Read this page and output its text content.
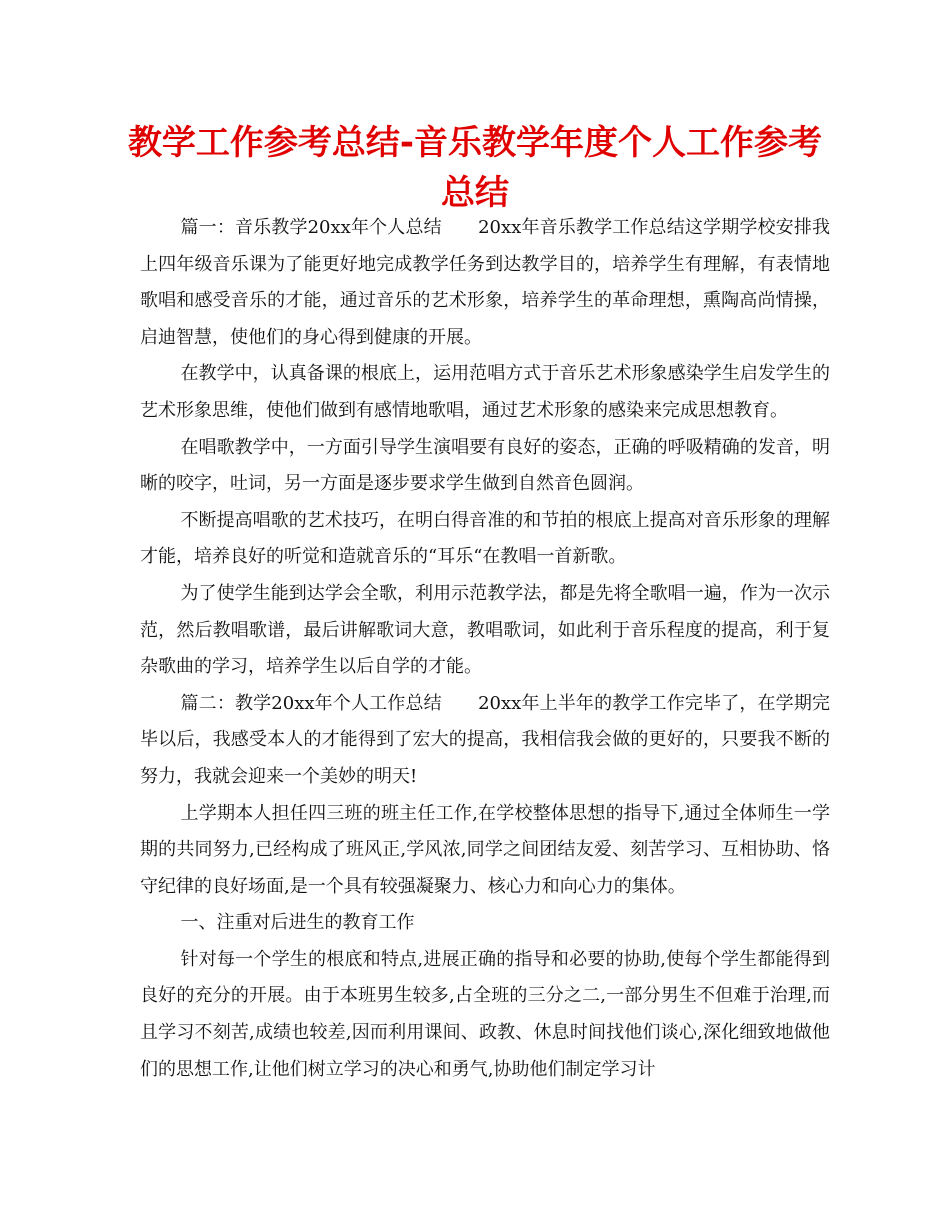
教学工作参考总结-音乐教学年度个人工作参考总结

篇一：音乐教学20xx年个人总结　　20xx年音乐教学工作总结这学期学校安排我上四年级音乐课为了能更好地完成教学任务到达教学目的，培养学生有理解，有表情地歌唱和感受音乐的才能，通过音乐的艺术形象，培养学生的革命理想，熏陶高尚情操，启迪智慧，使他们的身心得到健康的开展。

在教学中，认真备课的根底上，运用范唱方式于音乐艺术形象感染学生启发学生的艺术形象思维，使他们做到有感情地歌唱，通过艺术形象的感染来完成思想教育。

在唱歌教学中，一方面引导学生演唱要有良好的姿态，正确的呼吸精确的发音，明晰的咬字，吐词，另一方面是逐步要求学生做到自然音色圆润。

不断提高唱歌的艺术技巧，在明白得音准的和节拍的根底上提高对音乐形象的理解才能，培养良好的听觉和造就音乐的“耳乐“在教唱一首新歌。

为了使学生能到达学会全歌，利用示范教学法，都是先将全歌唱一遍，作为一次示范，然后教唱歌谱，最后讲解歌词大意，教唱歌词，如此利于音乐程度的提高，利于复杂歌曲的学习，培养学生以后自学的才能。

篇二：教学20xx年个人工作总结　　20xx年上半年的教学工作完毕了，在学期完毕以后，我感受本人的才能得到了宏大的提高，我相信我会做的更好的，只要我不断的努力，我就会迎来一个美妙的明天!

上学期本人担任四三班的班主任工作,在学校整体思想的指导下,通过全体师生一学期的共同努力,已经构成了班风正,学风浓,同学之间团结友爱、刻苦学习、互相协助、恪守纪律的良好场面,是一个具有较强凝聚力、核心力和向心力的集体。

一、注重对后进生的教育工作

针对每一个学生的根底和特点,进展正确的指导和必要的协助,使每个学生都能得到良好的充分的开展。由于本班男生较多,占全班的三分之二,一部分男生不但难于治理,而且学习不刻苦,成绩也较差,因而利用课间、政教、休息时间找他们谈心,深化细致地做他们的思想工作,让他们树立学习的决心和勇气,协助他们制定学习计
